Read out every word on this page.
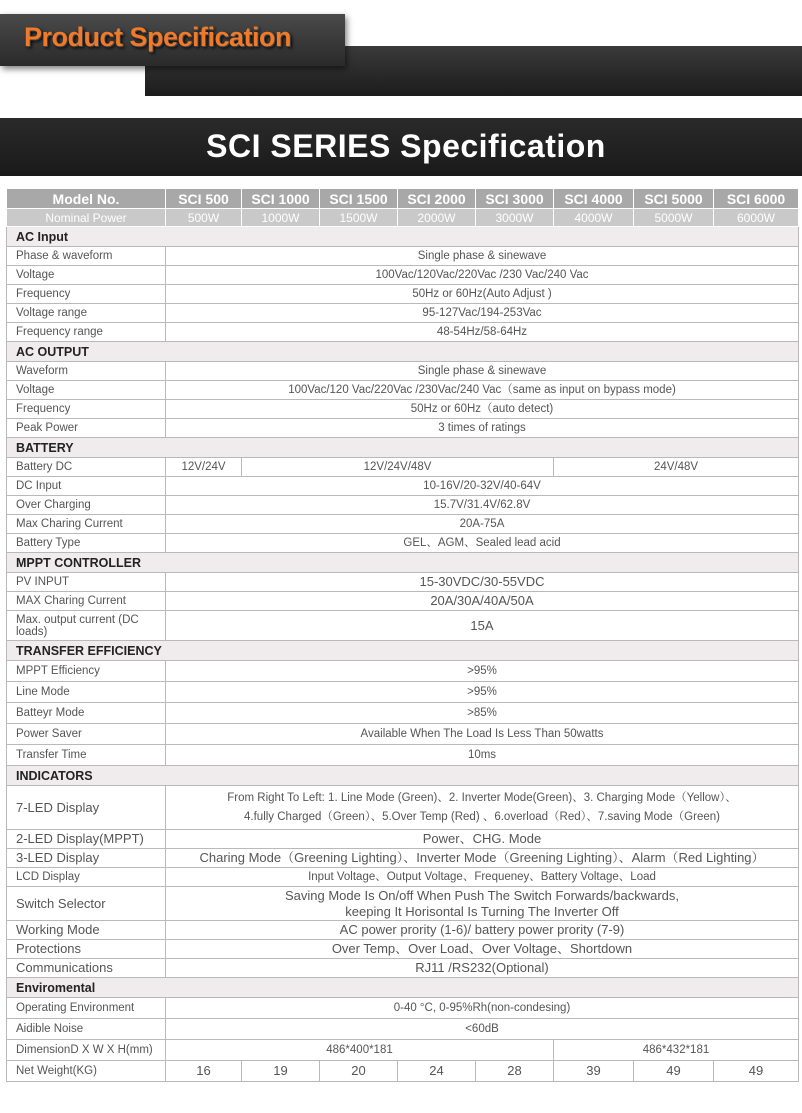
Product Specification
SCI SERIES Specification
Model No.	SCI 500	SCI 1000	SCI 1500	SCI 2000	SCI 3000	SCI 4000	SCI 5000	SCI 6000
Nominal Power	500W	1000W	1500W	2000W	3000W	4000W	5000W	6000W
AC Input								
Phase & waveform	Single phase & sinewave							
Voltage	100Vac/120Vac/220Vac /230 Vac/240 Vac							
Frequency	50Hz or 60Hz(Auto Adjust )							
Voltage range	95-127Vac/194-253Vac							
Frequency range	48-54Hz/58-64Hz							
AC OUTPUT								
Waveform	Single phase & sinewave							
Voltage	100Vac/120 Vac/220Vac /230Vac/240 Vac（same as input on bypass mode)							
Frequency	50Hz or 60Hz（auto detect)							
Peak Power	3 times of ratings							
BATTERY								
Battery DC	12V/24V	12V/24V/48V				24V/48V		
DC Input	10-16V/20-32V/40-64V							
Over Charging	15.7V/31.4V/62.8V							
Max Charing Current	20A-75A							
Battery Type	GEL、AGM、Sealed lead acid							
MPPT CONTROLLER								
PV INPUT	15-30VDC/30-55VDC							
MAX Charing Current	20A/30A/40A/50A							
Max. output current (DC loads)	15A							
TRANSFER EFFICIENCY								
MPPT Efficiency	>95%							
Line Mode	>95%							
Batteyr Mode	>85%							
Power Saver	Available When The Load Is Less Than 50watts							
Transfer Time	10ms							
INDICATORS								
7-LED Display	From Right To Left: 1. Line Mode (Green)、2. Inverter Mode(Green)、3. Charging Mode（Yellow）、
4.fully Charged（Green）、5.Over Temp (Red) 、6.overload（Red）、7.saving Mode（Green)							

2-LED Display(MPPT)	Power、CHG. Mode							
3-LED Display	Charing Mode（Greening Lighting）、Inverter Mode（Greening Lighting）、Alarm（Red Lighting）							
LCD Display	Input Voltage、Output Voltage、Frequeney、Battery Voltage、Load							
Switch Selector	Saving Mode Is On/off When Push The Switch Forwards/backwards,
keeping It Horisontal Is Turning The Inverter Off							

Working Mode	AC power prority (1-6)/ battery power prority (7-9)							
Protections	Over Temp、Over Load、Over Voltage、Shortdown							
Communications	RJ11 /RS232(Optional)							
Enviromental								
Operating Environment	0-40 °C, 0-95%Rh(non-condesing)							
Aidible Noise	<60dB							
DimensionD X W X H(mm)	486*400*181					486*432*181		
Net Weight(KG)	16	19	20	24	28	39	49	49
